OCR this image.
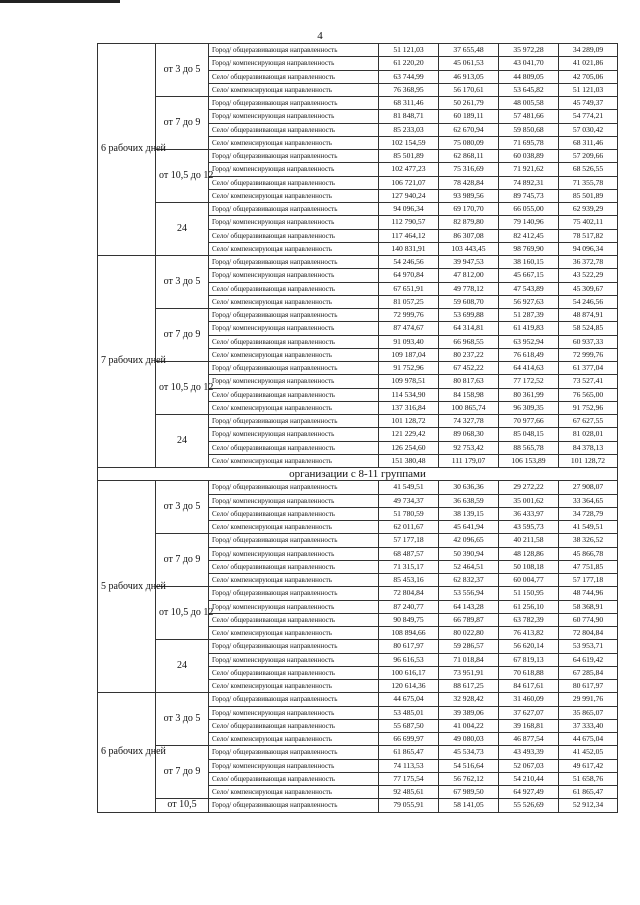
4
6 рабочих дней	от 3 до 5	Город/ общеразвивающая направленность	51 121,03	37 655,48	35 972,28	34 289,09
		Город/ компенсирующая направленность	61 220,20	45 061,53	43 041,70	41 021,86
		Село/ общеразвивающая направленность	63 744,99	46 913,05	44 809,05	42 705,06
		Село/ компенсирующая направленность	76 368,95	56 170,61	53 645,82	51 121,03
	от 7 до 9	Город/ общеразвивающая направленность	68 311,46	50 261,79	48 005,58	45 749,37
		Город/ компенсирующая направленность	81 848,71	60 189,11	57 481,66	54 774,21
		Село/ общеразвивающая направленность	85 233,03	62 670,94	59 850,68	57 030,42
		Село/ компенсирующая направленность	102 154,59	75 080,09	71 695,78	68 311,46
	от 10,5 до 12	Город/ общеразвивающая направленность	85 501,89	62 868,11	60 038,89	57 209,66
		Город/ компенсирующая направленность	102 477,23	75 316,69	71 921,62	68 526,55
		Село/ общеразвивающая направленность	106 721,07	78 428,84	74 892,31	71 355,78
		Село/ компенсирующая направленность	127 940,24	93 989,56	89 745,73	85 501,89
	24	Город/ общеразвивающая направленность	94 096,34	69 170,70	66 055,00	62 939,29
		Город/ компенсирующая направленность	112 790,57	82 879,80	79 140,96	75 402,11
		Село/ общеразвивающая направленность	117 464,12	86 307,08	82 412,45	78 517,82
		Село/ компенсирующая направленность	140 831,91	103 443,45	98 769,90	94 096,34
7 рабочих дней	от 3 до 5	Город/ общеразвивающая направленность	54 246,56	39 947,53	38 160,15	36 372,78
		Город/ компенсирующая направленность	64 970,84	47 812,00	45 667,15	43 522,29
		Село/ общеразвивающая направленность	67 651,91	49 778,12	47 543,89	45 309,67
		Село/ компенсирующая направленность	81 057,25	59 608,70	56 927,63	54 246,56
	от 7 до 9	Город/ общеразвивающая направленность	72 999,76	53 699,88	51 287,39	48 874,91
		Город/ компенсирующая направленность	87 474,67	64 314,81	61 419,83	58 524,85
		Село/ общеразвивающая направленность	91 093,40	66 968,55	63 952,94	60 937,33
		Село/ компенсирующая направленность	109 187,04	80 237,22	76 618,49	72 999,76
	от 10,5 до 12	Город/ общеразвивающая направленность	91 752,96	67 452,22	64 414,63	61 377,04
		Город/ компенсирующая направленность	109 978,51	80 817,63	77 172,52	73 527,41
		Село/ общеразвивающая направленность	114 534,90	84 158,98	80 361,99	76 565,00
		Село/ компенсирующая направленность	137 316,84	100 865,74	96 309,35	91 752,96
	24	Город/ общеразвивающая направленность	101 128,72	74 327,78	70 977,66	67 627,55
		Город/ компенсирующая направленность	121 229,42	89 068,30	85 048,15	81 028,01
		Село/ общеразвивающая направленность	126 254,60	92 753,42	88 565,78	84 378,13
		Село/ компенсирующая направленность	151 380,48	111 179,07	106 153,89	101 128,72
организации с 8-11 группами						
5 рабочих дней	от 3 до 5	Город/ общеразвивающая направленность	41 549,51	30 636,36	29 272,22	27 908,07
		Город/ компенсирующая направленность	49 734,37	36 638,59	35 001,62	33 364,65
		Село/ общеразвивающая направленность	51 780,59	38 139,15	36 433,97	34 728,79
		Село/ компенсирующая направленность	62 011,67	45 641,94	43 595,73	41 549,51
	от 7 до 9	Город/ общеразвивающая направленность	57 177,18	42 096,65	40 211,58	38 326,52
		Город/ компенсирующая направленность	68 487,57	50 390,94	48 128,86	45 866,78
		Село/ общеразвивающая направленность	71 315,17	52 464,51	50 108,18	47 751,85
		Село/ компенсирующая направленность	85 453,16	62 832,37	60 004,77	57 177,18
	от 10,5 до 12	Город/ общеразвивающая направленность	72 804,84	53 556,94	51 150,95	48 744,96
		Город/ компенсирующая направленность	87 240,77	64 143,28	61 256,10	58 368,91
		Село/ общеразвивающая направленность	90 849,75	66 789,87	63 782,39	60 774,90
		Село/ компенсирующая направленность	108 894,66	80 022,80	76 413,82	72 804,84
	24	Город/ общеразвивающая направленность	80 617,97	59 286,57	56 620,14	53 953,71
		Город/ компенсирующая направленность	96 616,53	71 018,84	67 819,13	64 619,42
		Село/ общеразвивающая направленность	100 616,17	73 951,91	70 618,88	67 285,84
		Село/ компенсирующая направленность	120 614,36	88 617,25	84 617,61	80 617,97
6 рабочих дней	от 3 до 5	Город/ общеразвивающая направленность	44 675,04	32 928,42	31 460,09	29 991,76
		Город/ компенсирующая направленность	53 485,01	39 389,06	37 627,07	35 865,07
		Село/ общеразвивающая направленность	55 687,50	41 004,22	39 168,81	37 333,40
		Село/ компенсирующая направленность	66 699,97	49 080,03	46 877,54	44 675,04
	от 7 до 9	Город/ общеразвивающая направленность	61 865,47	45 534,73	43 493,39	41 452,05
		Город/ компенсирующая направленность	74 113,53	54 516,64	52 067,03	49 617,42
		Село/ общеразвивающая направленность	77 175,54	56 762,12	54 210,44	51 658,76
		Село/ компенсирующая направленность	92 485,61	67 989,50	64 927,49	61 865,47
	от 10,5	Город/ общеразвивающая направленность	79 055,91	58 141,05	55 526,69	52 912,34
